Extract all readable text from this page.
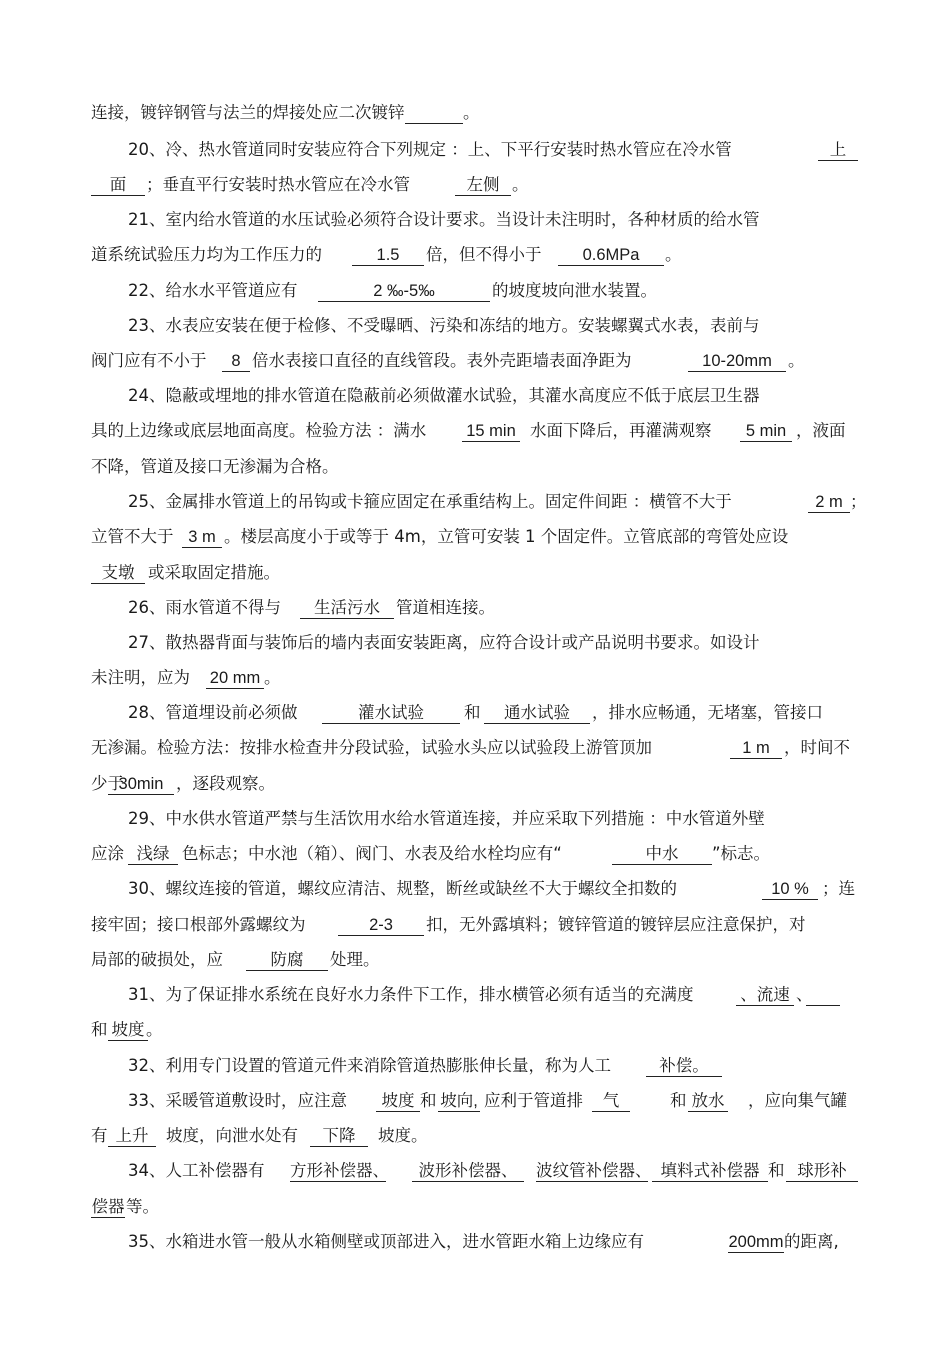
连接，镀锌钢管与法兰的焊接处应二次镀锌	。
20、冷、热水管道同时安装应符合下列规定 ：上、下平行安装时热水管应在冷水管	上
面	；垂直平行安装时热水管应在冷水管	左侧 。
21、室内给水管道的水压试验必须符合设计要求。当设计未注明时，各种材质的给水管
道系统试验压力均为工作压力的	1.5	倍，但不得小于	0.6MPa	。
22、给水水平管道应有	2 ‰-5‰	的坡度坡向泄水装置。
23、水表应安装在便于检修、不受曝晒、污染和冻结的地方。安装螺翼式水表，表前与
阀门应有不小于	8 倍水表接口直径的直线管段。表外壳距墙表面净距为	10-20mm 。
24、隐蔽或埋地的排水管道在隐蔽前必须做灌水试验，其灌水高度应不低于底层卫生器
具的上边缘或底层地面高度。检验方法 ：满水 15 min 水面下降后，再灌满观察	5 min ，液面
不降，管道及接口无渗漏为合格。
25、金属排水管道上的吊钩或卡箍应固定在承重结构上。固定件间距 ：横管不大于	2 m ；
立管不大于 3 m 。楼层高度小于或等于 4m，立管可安装 1 个固定件。立管底部的弯管处应设
支墩 或采取固定措施。
26、雨水管道不得与	生活污水 管道相连接。
27、散热器背面与装饰后的墙内表面安装距离，应符合设计或产品说明书要求。如设计
未注明，应为 20 mm 。
28、管道埋设前必须做	灌水试验	和	通水试验	，排水应畅通，无堵塞，管接口
无渗漏。检验方法：按排水检查井分段试验，试验水头应以试验段上游管顶加	1 m ，时间不
少于
30min ，逐段观察。
29、中水供水管道严禁与生活饮用水给水管道连接，并应采取下列措施 ：中水管道外壁
应涂 浅绿 色标志；中水池（箱）、阀门、水表及给水栓均应有“	中水	”标志。
30、螺纹连接的管道，螺纹应清洁、规整，断丝或缺丝不大于螺纹全扣数的	10 % ；连
接牢固；接口根部外露螺纹为	2-3	扣，无外露填料；镀锌管道的镀锌层应注意保护，对
局部的破损处，应	防腐	处理。
31、为了保证排水系统在良好水力条件下工作，排水横管必须有适当的充满度	、流速 、
和 坡度 。
32、利用专门设置的管道元件来消除管道热膨胀伸长量，称为人工	补偿。
33、采暖管道敷设时，应注意	坡度 和 坡向, 应利于管道排	气	和 放水 ，应向集气罐
有 上升	坡度，向泄水处有	下降	坡度。
34、人工补偿器有 方形补偿器、	波形补偿器、	波纹管补偿器、 填料式补偿器 和 球形补
偿器 等。
35、水箱进水管一般从水箱侧壁或顶部进入，进水管距水箱上边缘应有	200mm 的距离,
